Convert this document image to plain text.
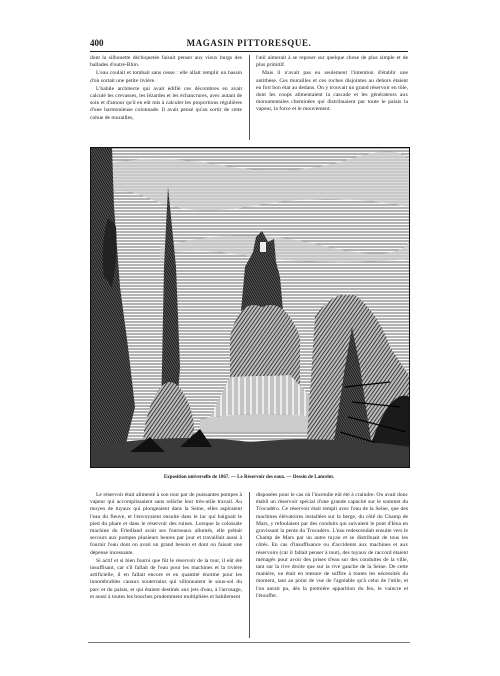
400	MAGASIN PITTORESQUE.

dont la silhouette déchiquetée faisait penser aux vieux burgs des ballades d'outre-Rhin.

L'eau coulait et tombait sans cesse : elle allait remplir un bassin d'où sortait une petite rivière.

L'habile architecte qui avait édifié ces décombres en avait calculé les crevasses, les lézardes et les échancrures, avec autant de soin et d'amour qu'il en eût mis à calculer les proportions régulières d'une harmonieuse colonnade. Il avait pensé qu'au sortir de cette cohue de murailles,

l'œil aimerait à se reposer sur quelque chose de plus simple et de plus primitif.

Mais il n'avait pas eu seulement l'intention d'établir une antithèse. Ces murailles et ces roches disjointes au dehors étaient en fort bon état au dedans. On y trouvait un grand réservoir en tôle, dont les coups alimentaient la cascade et les générateurs aux monumentales cheminées qui distribuaient par toute le palais la vapeur, la force et le mouvement.

Exposition universelle de 1867. — Le Réservoir des eaux. — Dessin de Lancelot.

Le réservoir était alimenté à son tour par de puissantes pompes à vapeur qui accomplissaient sans relâche leur très-utile travail. Au moyen de tuyaux qui plongeaient dans la Seine, elles aspiraient l'eau du fleuve, et l'envoyaient ensuite dans le lac qui baignait le pied du phare et dans le réservoir des ruines. Lorsque la colossale machine du Friedland avait ses fourneaux allumés, elle prêtait secours aux pompes plusieurs heures par jour et travaillait aussi à fournir l'eau dont on avait un grand besoin et dont on faisait une dépense incessante.

Si actif et si bien fourni que fût le réservoir de la tour, il eût été insuffisant, car s'il fallait de l'eau pour les machines et la rivière artificielle, il en fallait encore et en quantité énorme pour les innombrables canaux souterrains qui sillonnaient le sous-sol du parc et du palais, et qui étaient destinés aux jets d'eau, à l'arrosage, et aussi à toutes les bouches prudemment multipliées et habilement

disposées pour le cas où l'incendie eût été à craindre. On avait donc établi un réservoir spécial d'une grande capacité sur le sommet du Trocadéro. Ce réservoir était rempli avec l'eau de la Seine, que des machines élévatoires installées sur la berge, du côté du Champ de Mars, y refoulaient par des conduits qui suivaient le pont d'Iéna en gravissant la pente du Trocadéro. L'eau redescendait ensuite vers le Champ de Mars par un autre tuyau et se distribuait de tous les côtés. En cas d'insuffisance ou d'accidents aux machines et aux réservoirs (car il fallait penser à tout), des tuyaux de raccord étaient ménagés pour avoir des prises d'eau sur des conduites de la ville, tant sur la rive droite que sur la rive gauche de la Seine. De cette manière, on était en mesure de suffire à toutes les nécessités du moment, tant au point de vue de l'agréable qu'à celui de l'utile, et l'on aurait pu, dès la première apparition du feu, le vaincre et l'étouffer.
